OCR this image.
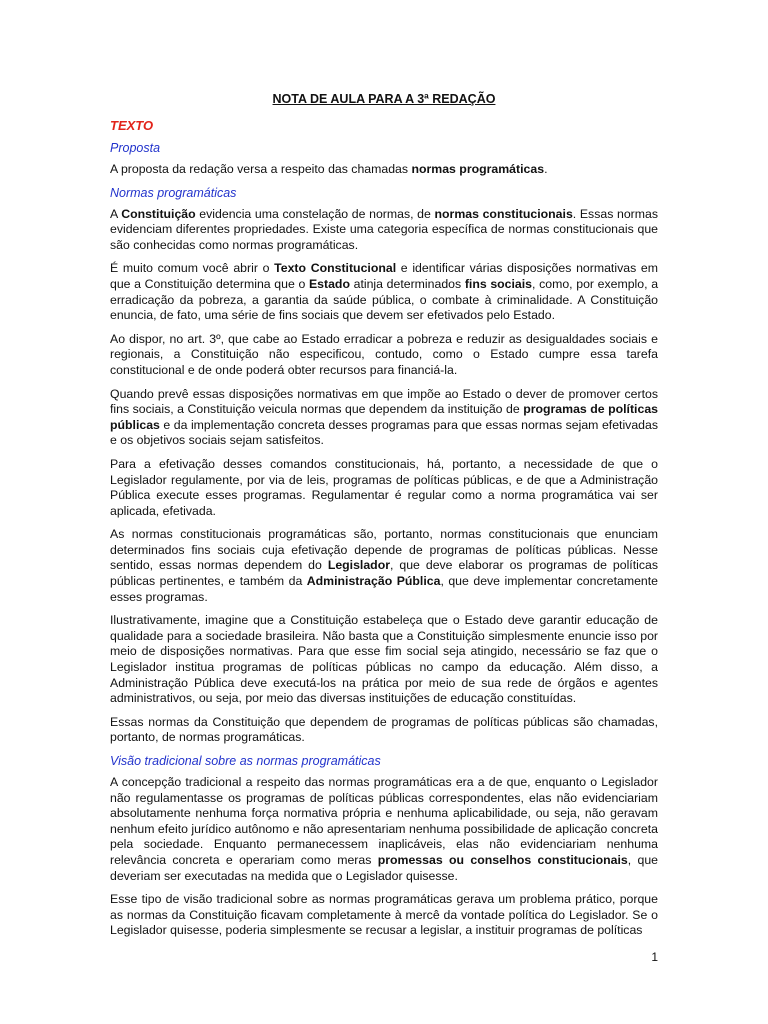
NOTA DE AULA PARA A 3ª REDAÇÃO
TEXTO
Proposta

A proposta da redação versa a respeito das chamadas normas programáticas.

Normas programáticas

A Constituição evidencia uma constelação de normas, de normas constitucionais. Essas normas evidenciam diferentes propriedades. Existe uma categoria específica de normas constitucionais que são conhecidas como normas programáticas.

É muito comum você abrir o Texto Constitucional e identificar várias disposições normativas em que a Constituição determina que o Estado atinja determinados fins sociais, como, por exemplo, a erradicação da pobreza, a garantia da saúde pública, o combate à criminalidade. A Constituição enuncia, de fato, uma série de fins sociais que devem ser efetivados pelo Estado.

Ao dispor, no art. 3º, que cabe ao Estado erradicar a pobreza e reduzir as desigualdades sociais e regionais, a Constituição não especificou, contudo, como o Estado cumpre essa tarefa constitucional e de onde poderá obter recursos para financiá-la.

Quando prevê essas disposições normativas em que impõe ao Estado o dever de promover certos fins sociais, a Constituição veicula normas que dependem da instituição de programas de políticas públicas e da implementação concreta desses programas para que essas normas sejam efetivadas e os objetivos sociais sejam satisfeitos.

Para a efetivação desses comandos constitucionais, há, portanto, a necessidade de que o Legislador regulamente, por via de leis, programas de políticas públicas, e de que a Administração Pública execute esses programas. Regulamentar é regular como a norma programática vai ser aplicada, efetivada.

As normas constitucionais programáticas são, portanto, normas constitucionais que enunciam determinados fins sociais cuja efetivação depende de programas de políticas públicas. Nesse sentido, essas normas dependem do Legislador, que deve elaborar os programas de políticas públicas pertinentes, e também da Administração Pública, que deve implementar concretamente esses programas.

Ilustrativamente, imagine que a Constituição estabeleça que o Estado deve garantir educação de qualidade para a sociedade brasileira. Não basta que a Constituição simplesmente enuncie isso por meio de disposições normativas. Para que esse fim social seja atingido, necessário se faz que o Legislador institua programas de políticas públicas no campo da educação. Além disso, a Administração Pública deve executá-los na prática por meio de sua rede de órgãos e agentes administrativos, ou seja, por meio das diversas instituições de educação constituídas.

Essas normas da Constituição que dependem de programas de políticas públicas são chamadas, portanto, de normas programáticas.

Visão tradicional sobre as normas programáticas

A concepção tradicional a respeito das normas programáticas era a de que, enquanto o Legislador não regulamentasse os programas de políticas públicas correspondentes, elas não evidenciariam absolutamente nenhuma força normativa própria e nenhuma aplicabilidade, ou seja, não geravam nenhum efeito jurídico autônomo e não apresentariam nenhuma possibilidade de aplicação concreta pela sociedade. Enquanto permanecessem inaplicáveis, elas não evidenciariam nenhuma relevância concreta e operariam como meras promessas ou conselhos constitucionais, que deveriam ser executadas na medida que o Legislador quisesse.

Esse tipo de visão tradicional sobre as normas programáticas gerava um problema prático, porque as normas da Constituição ficavam completamente à mercê da vontade política do Legislador. Se o Legislador quisesse, poderia simplesmente se recusar a legislar, a instituir programas de políticas

1
